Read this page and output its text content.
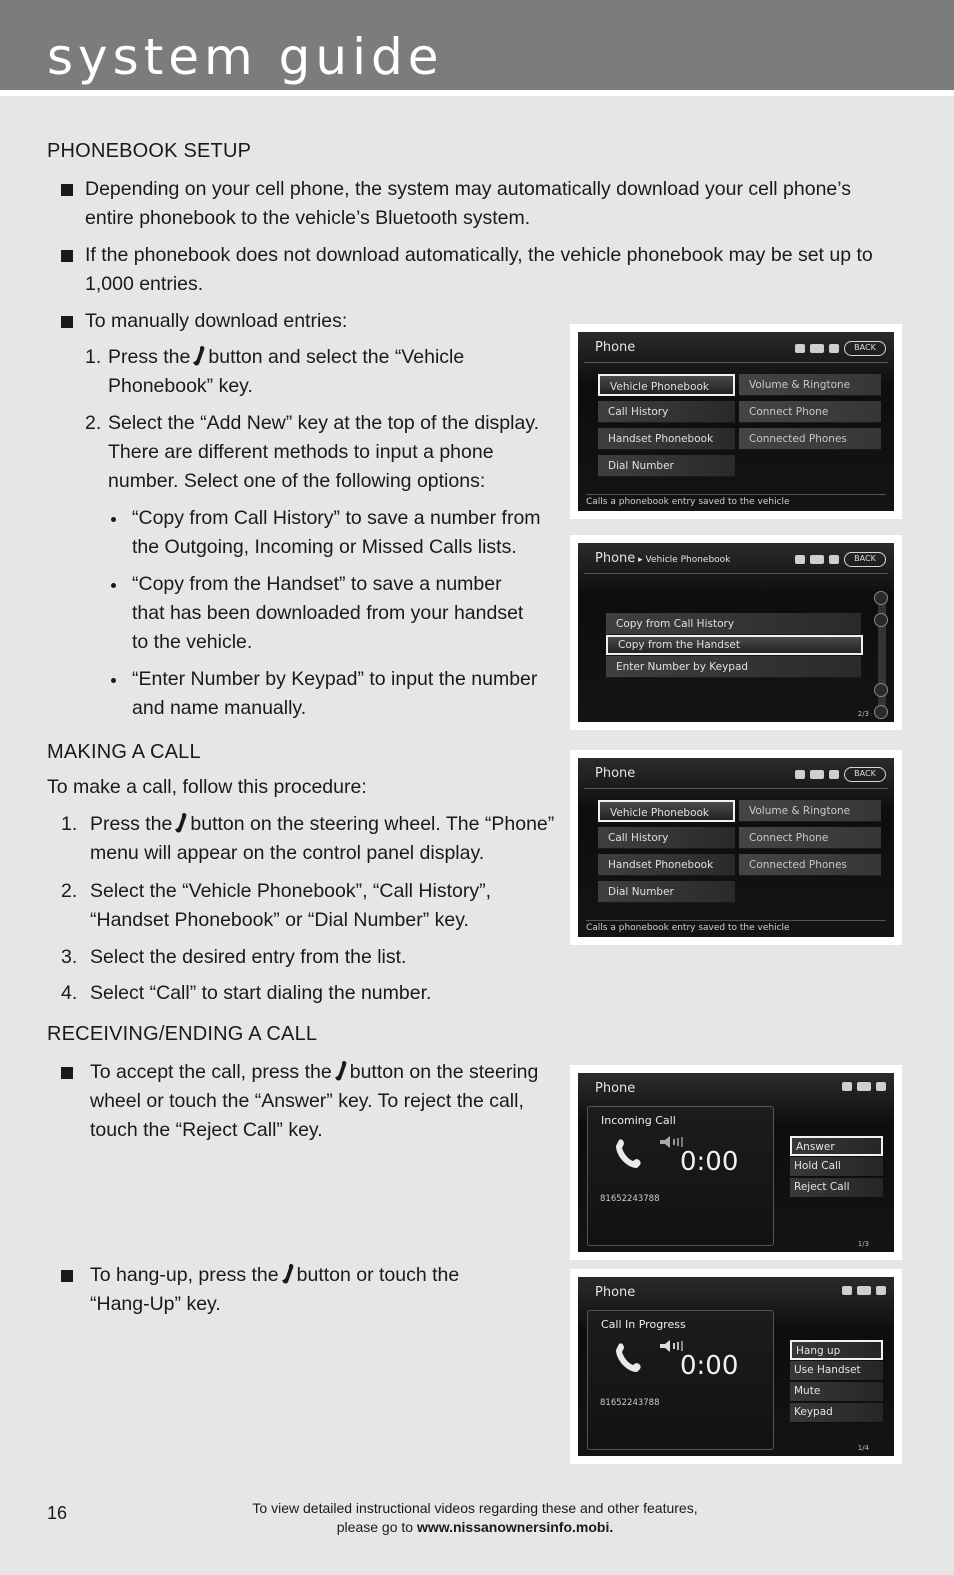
system guide
PHONEBOOK SETUP
Depending on your cell phone, the system may automatically download your cell phone’s
entire phonebook to the vehicle’s Bluetooth system.
If the phonebook does not download automatically, the vehicle phonebook may be set up to
1,000 entries.
To manually download entries:
1. Press the button and select the “Vehicle
Phonebook” key.
2. Select the “Add New” key at the top of the display.
There are different methods to input a phone
number. Select one of the following options:
“Copy from Call History” to save a number from
the Outgoing, Incoming or Missed Calls lists.
“Copy from the Handset” to save a number
that has been downloaded from your handset
to the vehicle.
“Enter Number by Keypad” to input the number
and name manually.
MAKING A CALL
To make a call, follow this procedure:
1. Press the button on the steering wheel. The “Phone”
menu will appear on the control panel display.
2. Select the “Vehicle Phonebook”, “Call History”,
“Handset Phonebook” or “Dial Number” key.
3. Select the desired entry from the list.
4. Select “Call” to start dialing the number.
RECEIVING/ENDING A CALL
To accept the call, press the button on the steering
wheel or touch the “Answer” key. To reject the call,
touch the “Reject Call” key.
To hang-up, press the button or touch the
“Hang-Up” key.
Phone	BACK
Vehicle Phonebook
Call History
Handset Phonebook
Dial Number
Volume & Ringtone
Connect Phone
Connected Phones
Calls a phonebook entry saved to the vehicle
Phone ▸ Vehicle Phonebook	BACK
Copy from Call History
Copy from the Handset
Enter Number by Keypad
2/3
Phone	BACK
Vehicle Phonebook
Call History
Handset Phonebook
Dial Number
Volume & Ringtone
Connect Phone
Connected Phones
Calls a phonebook entry saved to the vehicle
Phone
Incoming Call
0:00
81652243788
Answer
Hold Call
Reject Call
1/3
Phone
Call In Progress
0:00
81652243788
Hang up
Use Handset
Mute
Keypad
1/4
16	To view detailed instructional videos regarding these and other features,
please go to www.nissanownersinfo.mobi.
